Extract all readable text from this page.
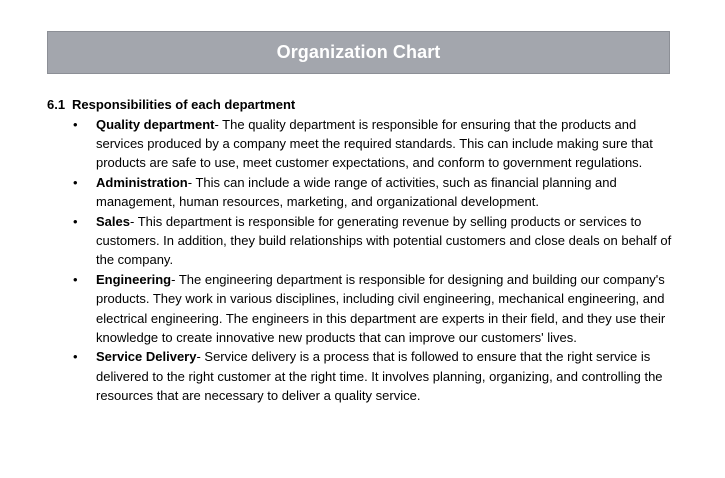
Organization Chart
6.1 Responsibilities of each department
• Quality department- The quality department is responsible for ensuring that the products and services produced by a company meet the required standards. This can include making sure that products are safe to use, meet customer expectations, and conform to government regulations.
• Administration- This can include a wide range of activities, such as financial planning and management, human resources, marketing, and organizational development.
• Sales- This department is responsible for generating revenue by selling products or services to customers. In addition, they build relationships with potential customers and close deals on behalf of the company.
• Engineering- The engineering department is responsible for designing and building our company's products. They work in various disciplines, including civil engineering, mechanical engineering, and electrical engineering. The engineers in this department are experts in their field, and they use their knowledge to create innovative new products that can improve our customers' lives.
• Service Delivery- Service delivery is a process that is followed to ensure that the right service is delivered to the right customer at the right time. It involves planning, organizing, and controlling the resources that are necessary to deliver a quality service.
